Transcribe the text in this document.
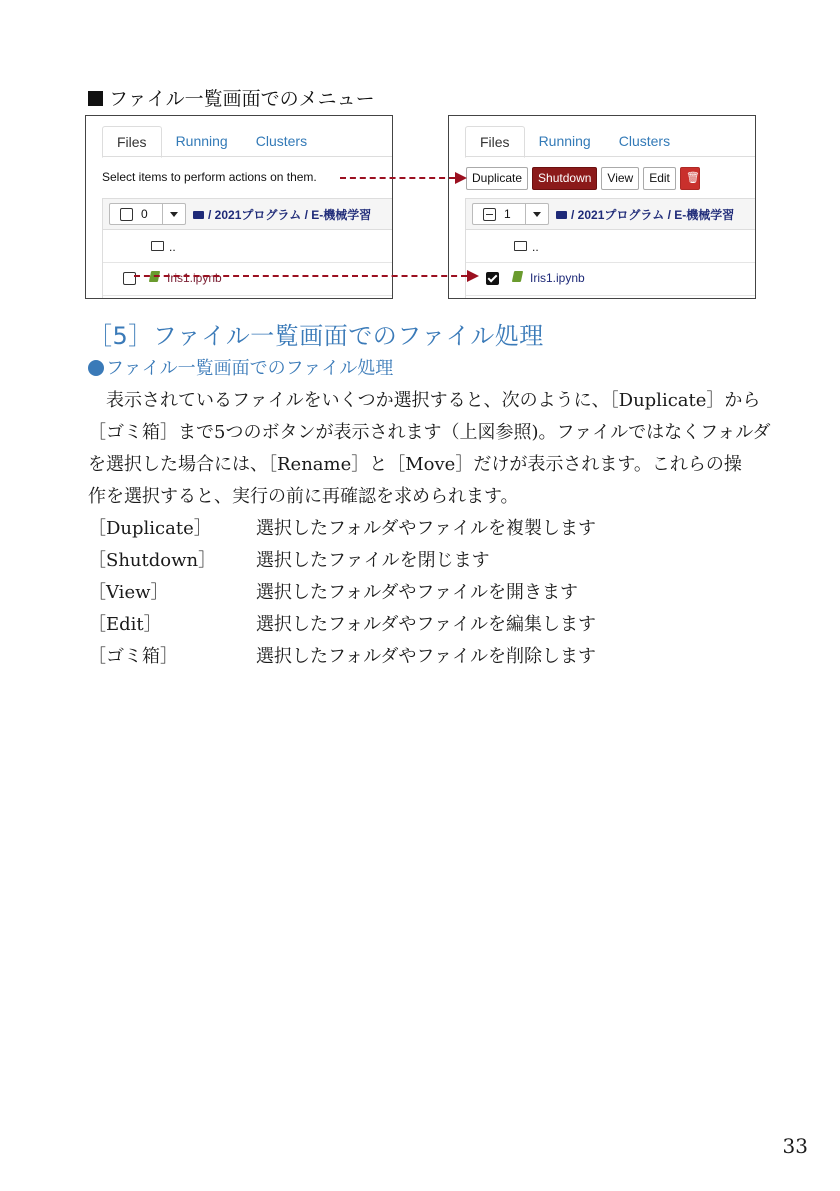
ファイル一覧画面でのメニュー
Files	Running	Clusters
Select items to perform actions on them.
0	/ 2021プログラム / E-機械学習
..
Iris1.ipynb
Files	Running	Clusters
Duplicate	Shutdown	View	Edit	🗑
1	/ 2021プログラム / E-機械学習
..
Iris1.ipynb
［5］ファイル一覧画面でのファイル処理
ファイル一覧画面でのファイル処理
　表示されているファイルをいくつか選択すると、次のように、［Duplicate］から
［ゴミ箱］まで5つのボタンが表示されます（上図参照)。ファイルではなくフォルダ
を選択した場合には、［Rename］と［Move］だけが表示されます。これらの操
作を選択すると、実行の前に再確認を求められます。
［Duplicate］ 選択したフォルダやファイルを複製します
［Shutdown］ 選択したファイルを閉じます
［View］	選択したフォルダやファイルを開きます
［Edit］	選択したフォルダやファイルを編集します
［ゴミ箱］	選択したフォルダやファイルを削除します
33
